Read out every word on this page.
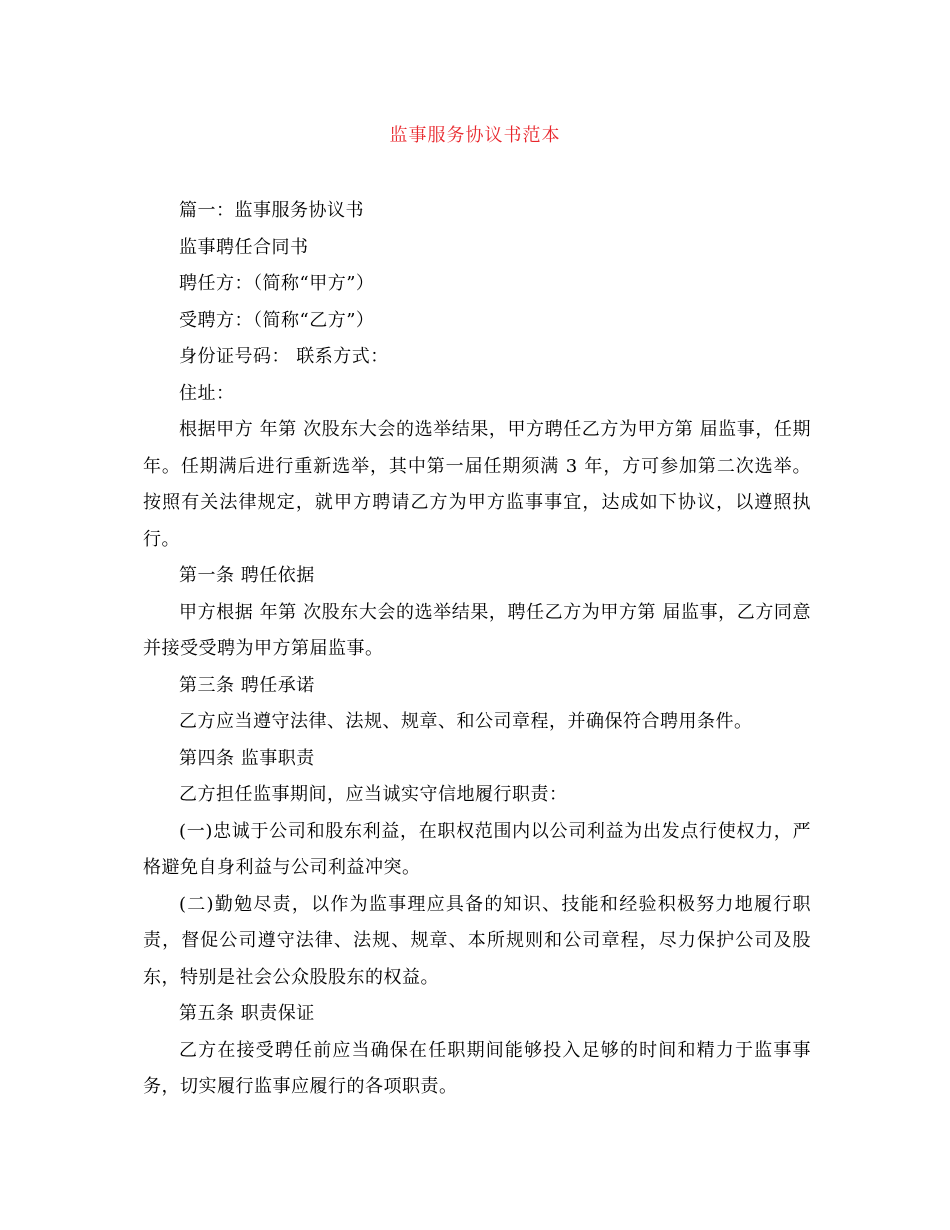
监事服务协议书范本

篇一：监事服务协议书

监事聘任合同书

聘任方：（简称“甲方”）

受聘方：（简称“乙方”）

身份证号码： 联系方式：

住址：

根据甲方 年第 次股东大会的选举结果，甲方聘任乙方为甲方第 届监事，任期 年。任期满后进行重新选举，其中第一届任期须满 3 年，方可参加第二次选举。按照有关法律规定，就甲方聘请乙方为甲方监事事宜，达成如下协议，以遵照执行。

第一条 聘任依据

甲方根据 年第 次股东大会的选举结果，聘任乙方为甲方第 届监事，乙方同意并接受受聘为甲方第届监事。

第三条 聘任承诺

乙方应当遵守法律、法规、规章、和公司章程，并确保符合聘用条件。

第四条 监事职责

乙方担任监事期间，应当诚实守信地履行职责：

(一)忠诚于公司和股东利益，在职权范围内以公司利益为出发点行使权力，严格避免自身利益与公司利益冲突。

(二)勤勉尽责，以作为监事理应具备的知识、技能和经验积极努力地履行职责，督促公司遵守法律、法规、规章、本所规则和公司章程，尽力保护公司及股东，特别是社会公众股股东的权益。

第五条 职责保证

乙方在接受聘任前应当确保在任职期间能够投入足够的时间和精力于监事事务，切实履行监事应履行的各项职责。
